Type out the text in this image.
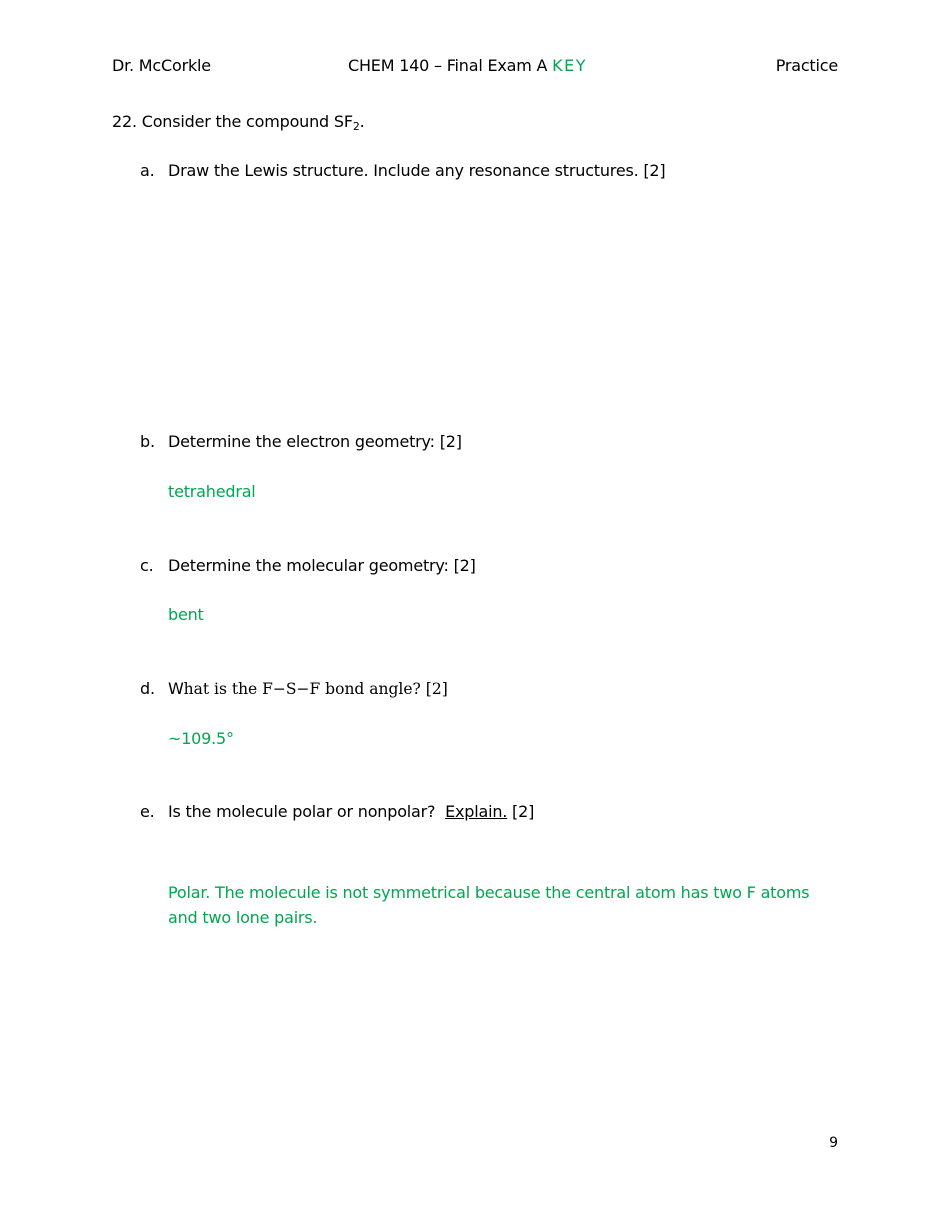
Dr. McCorkle	CHEM 140 – Final Exam A KEY	Practice
22. Consider the compound $SF_2$.
a. Draw the Lewis structure. Include any resonance structures. [2]
b. Determine the electron geometry: [2]
tetrahedral
c. Determine the molecular geometry: [2]
bent
d. What is the F−S−F bond angle? [2]
~109.5°
e. Is the molecule polar or nonpolar? Explain. [2]
Polar. The molecule is not symmetrical because the central atom has two F atoms
and two lone pairs.
9
